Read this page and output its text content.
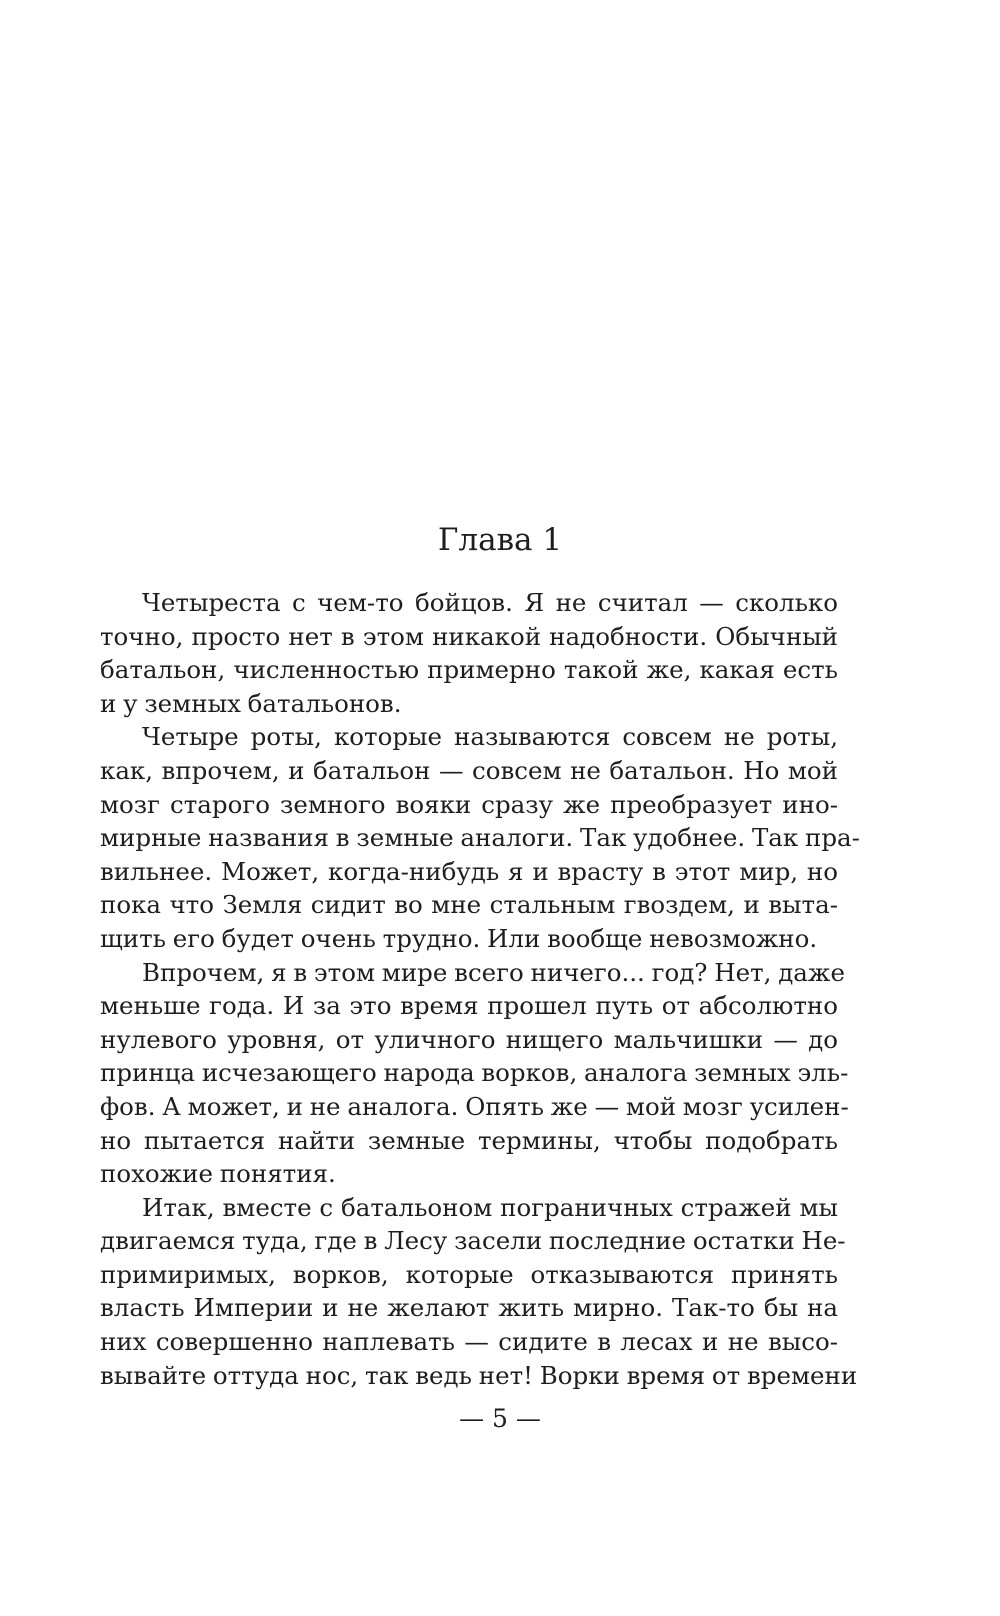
Глава 1
Четыреста с чем-то бойцов. Я не считал — сколько
точно, просто нет в этом никакой надобности. Обычный
батальон, численностью примерно такой же, какая есть
и у земных батальонов.
Четыре роты, которые называются совсем не роты,
как, впрочем, и батальон — совсем не батальон. Но мой
мозг старого земного вояки сразу же преобразует ино-
мирные названия в земные аналоги. Так удобнее. Так пра-
вильнее. Может, когда-нибудь я и врасту в этот мир, но
пока что Земля сидит во мне стальным гвоздем, и выта-
щить его будет очень трудно. Или вообще невозможно.
Впрочем, я в этом мире всего ничего... год? Нет, даже
меньше года. И за это время прошел путь от абсолютно
нулевого уровня, от уличного нищего мальчишки — до
принца исчезающего народа ворков, аналога земных эль-
фов. А может, и не аналога. Опять же — мой мозг усилен-
но пытается найти земные термины, чтобы подобрать
похожие понятия.
Итак, вместе с батальоном пограничных стражей мы
двигаемся туда, где в Лесу засели последние остатки Не-
примиримых, ворков, которые отказываются принять
власть Империи и не желают жить мирно. Так-то бы на
них совершенно наплевать — сидите в лесах и не высо-
вывайте оттуда нос, так ведь нет! Ворки время от времени
— 5 —
